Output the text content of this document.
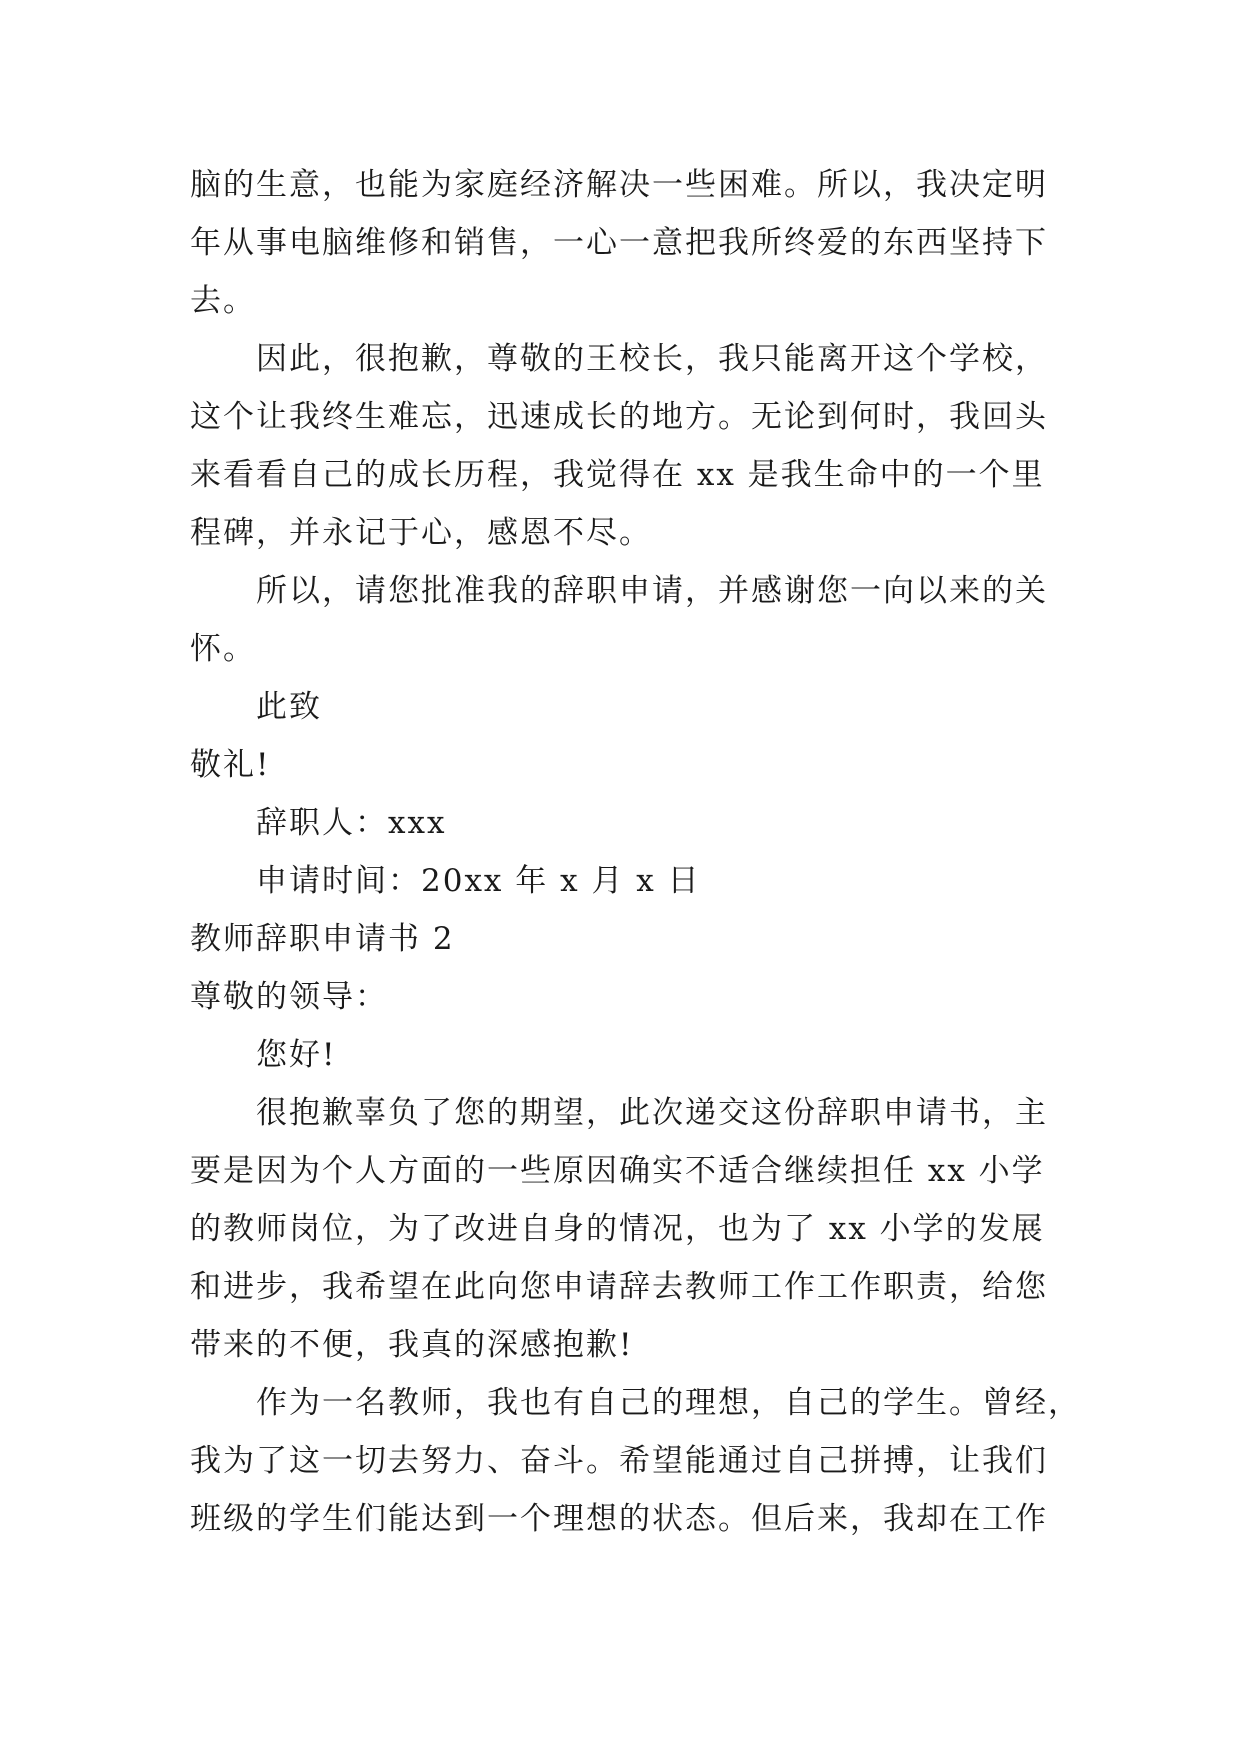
脑的生意，也能为家庭经济解决一些困难。所以，我决定明
年从事电脑维修和销售，一心一意把我所终爱的东西坚持下
去。
因此，很抱歉，尊敬的王校长，我只能离开这个学校，
这个让我终生难忘，迅速成长的地方。无论到何时，我回头
来看看自己的成长历程，我觉得在 xx 是我生命中的一个里
程碑，并永记于心，感恩不尽。
所以，请您批准我的辞职申请，并感谢您一向以来的关
怀。
此致
敬礼!
辞职人：xxx
申请时间：20xx 年 x 月 x 日
教师辞职申请书 2
尊敬的领导：
您好!
很抱歉辜负了您的期望，此次递交这份辞职申请书，主
要是因为个人方面的一些原因确实不适合继续担任 xx 小学
的教师岗位，为了改进自身的情况，也为了 xx 小学的发展
和进步，我希望在此向您申请辞去教师工作工作职责，给您
带来的不便，我真的深感抱歉!
作为一名教师，我也有自己的理想，自己的学生。曾经，
我为了这一切去努力、奋斗。希望能通过自己拼搏，让我们
班级的学生们能达到一个理想的状态。但后来，我却在工作
